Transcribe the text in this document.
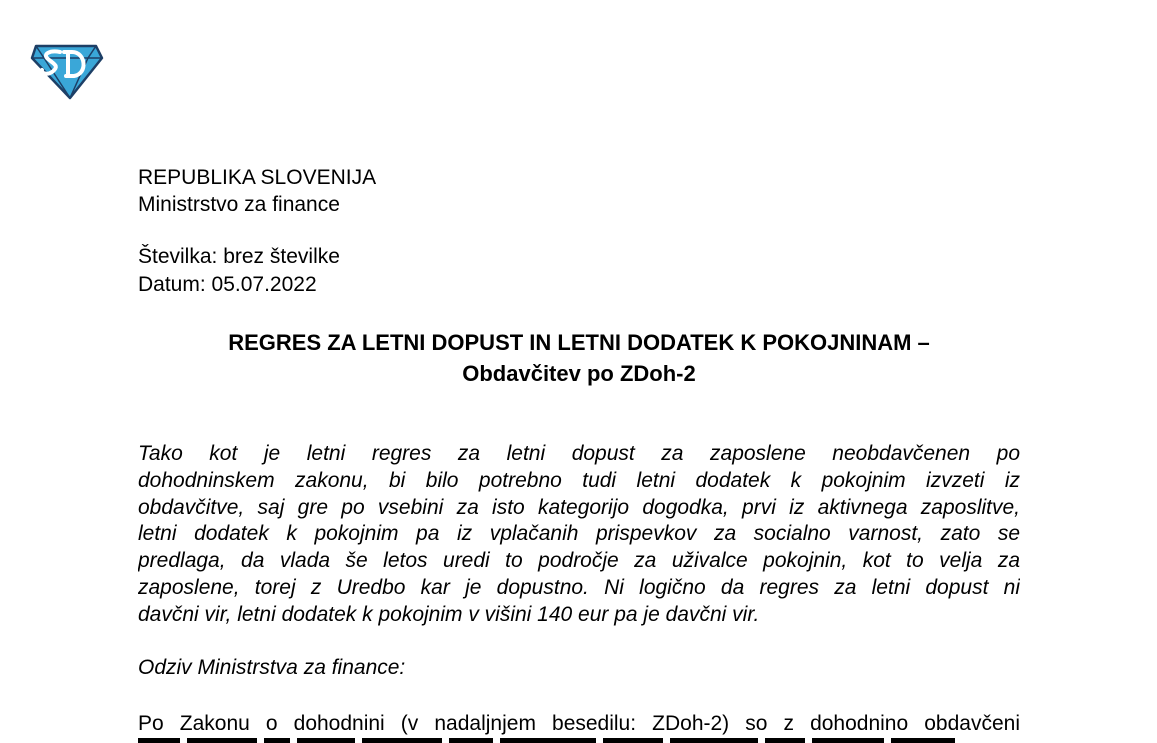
REPUBLIKA SLOVENIJA
Ministrstvo za finance
Številka: brez številke
Datum: 05.07.2022
REGRES ZA LETNI DOPUST IN LETNI DODATEK K POKOJNINAM –
Obdavčitev po ZDoh-2
Tako kot je letni regres za letni dopust za zaposlene neobdavčenen po
dohodninskem zakonu, bi bilo potrebno tudi letni dodatek k pokojnim izvzeti iz
obdavčitve, saj gre po vsebini za isto kategorijo dogodka, prvi iz aktivnega zaposlitve,
letni dodatek k pokojnim pa iz vplačanih prispevkov za socialno varnost, zato se
predlaga, da vlada še letos uredi to področje za uživalce pokojnin, kot to velja za
zaposlene, torej z Uredbo kar je dopustno. Ni logično da regres za letni dopust ni
davčni vir, letni dodatek k pokojnim v višini 140 eur pa je davčni vir.
Odziv Ministrstva za finance:
Po Zakonu o dohodnini (v nadaljnjem besedilu: ZDoh-2) so z dohodnino obdavčeni
